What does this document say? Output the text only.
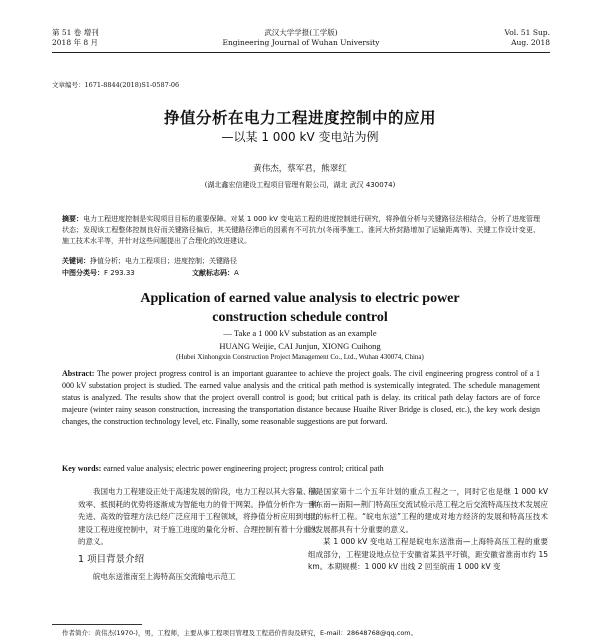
第 51 卷 增刊
2018 年 8 月
武汉大学学报(工学版)
Engineering Journal of Wuhan University
Vol. 51 Sup.
Aug. 2018
文章编号：1671-8844(2018)S1-0587-06
挣值分析在电力工程进度控制中的应用
—以某 1 000 kV 变电站为例
黄伟杰，蔡军君，熊翠红
(湖北鑫宏信建设工程项目管理有限公司，湖北 武汉 430074)
摘要：电力工程进度控制是实现项目目标的重要保障。对某 1 000 kV 变电站工程的进度控制进行研究，将挣值分析与关键路径法相结合，分析了进度管理状态；发现该工程整体控制良好而关键路径偏后，其关键路径滞后的因素有不可抗力(冬雨季施工、淮河大桥封路增加了运输距离等)、关键工作设计变更、施工技术水平等，并针对这些问题提出了合理化的改进建议。
关键词：挣值分析；电力工程项目；进度控制；关键路径
中图分类号：F 293.33	文献标志码：A
Application of earned value analysis to electric power
construction schedule control
— Take a 1 000 kV substation as an example
HUANG Weijie, CAI Junjun, XIONG Cuihong
(Hubei Xinhongxin Construction Project Management Co., Ltd., Wuhan 430074, China)
Abstract: The power project progress control is an important guarantee to achieve the project goals. The civil engineering progress control of a 1 000 kV substation project is studied. The earned value analysis and the critical path method is systemically integrated. The schedule management status is analyzed. The results show that the project overall control is good; but critical path is delay. its critical path delay factors are of force majeure (winter rainy season construction, increasing the transportation distance because Huaihe River Bridge is closed, etc.), the key work design changes, the construction technology level, etc. Finally, some reasonable suggestions are put forward.
Key words: earned value analysis; electric power engineering project; progress control; critical path

我国电力工程建设正处于高速发展的阶段，电力工程以其大容量、高效率、抵损耗的优势将逐渐成为智能电力的骨干网架。挣值分析作为一种先进、高效的管理方法已经广泛应用于工程领域，将挣值分析应用到电力建设工程进度控制中，对于施工进度的量化分析、合理控制有着十分重大的意义。

1 项目背景介绍

皖电东送淮南至上海特高压交流输电示范工

程是国家第十二个五年计划的重点工程之一，同时它也是继 1 000 kV 晋东南—南阳—荆门特高压交流试验示范工程之后交流特高压技术发展应用的标杆工程。“皖电东送”工程的建成对地方经济的发展和特高压技术的发展都具有十分重要的意义。

某 1 000 kV 变电站工程是皖电东送淮南—上海特高压工程的重要组成部分，工程建设地点位于安徽省某县平圩镇，距安徽省淮南市约 15 km。本期规模：1 000 kV 出线 2 回至皖南 1 000 kV 变

作者简介：黄伟杰(1970-)，男，工程师，主要从事工程项目管理及工程造价咨询及研究，E-mail：28648768@qq.com。
